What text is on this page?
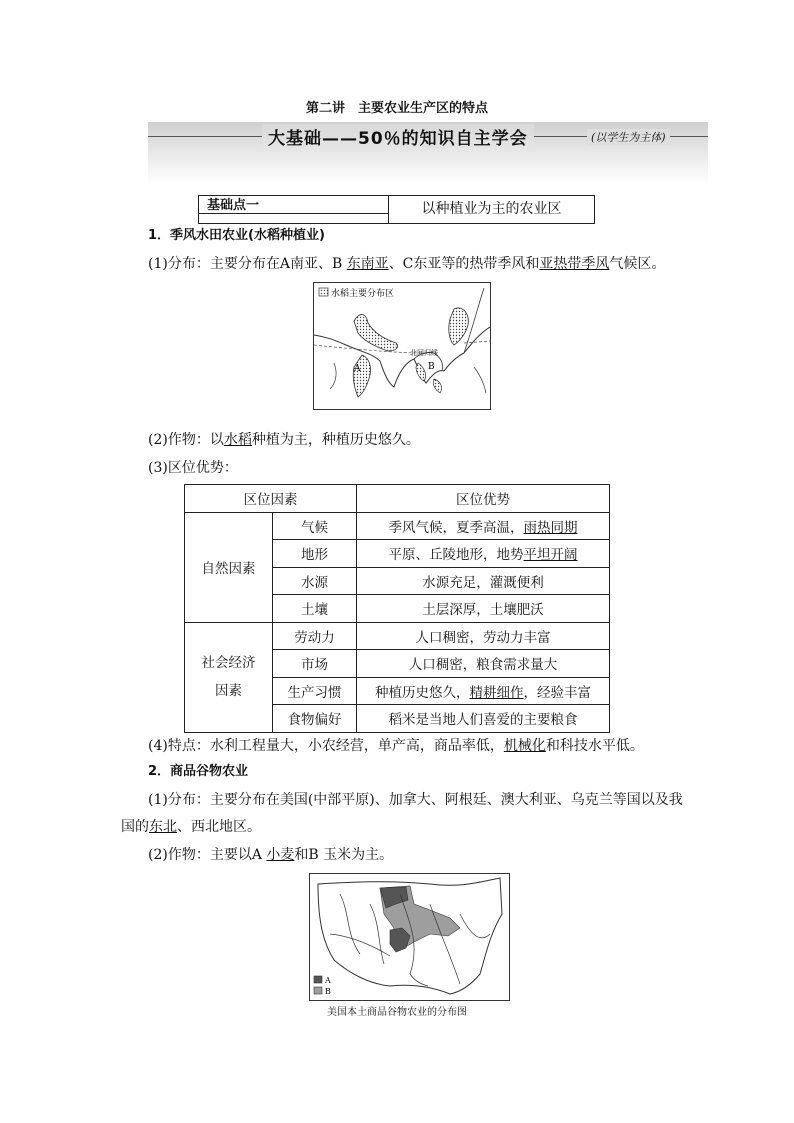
第二讲　主要农业生产区的特点
大基础——50％的知识自主学会	(以学生为主体)
基础点一	以种植业为主的农业区
1．季风水田农业(水稻种植业)
(1)分布：主要分布在A南亚、B 东南亚、C东亚等的热带季风和亚热带季风气候区。
水稻主要分布区
北回归线
A	B
(2)作物：以水稻种植为主，种植历史悠久。
(3)区位优势：
区位因素		区位优势
自然因素	气候	季风气候，夏季高温，雨热同期
	地形	平原、丘陵地形，地势平坦开阔
	水源	水源充足，灌溉便利
	土壤	土层深厚，土壤肥沃
社会经济
因素	劳动力	人口稠密，劳动力丰富
	市场	人口稠密，粮食需求量大
	生产习惯	种植历史悠久，精耕细作，经验丰富
	食物偏好	稻米是当地人们喜爱的主要粮食
(4)特点：水利工程量大，小农经营，单产高，商品率低，机械化和科技水平低。
2．商品谷物农业
(1)分布：主要分布在美国(中部平原)、加拿大、阿根廷、澳大利亚、乌克兰等国以及我
国的东北、西北地区。
(2)作物：主要以A 小麦和B 玉米为主。
A
B
美国本土商品谷物农业的分布图
